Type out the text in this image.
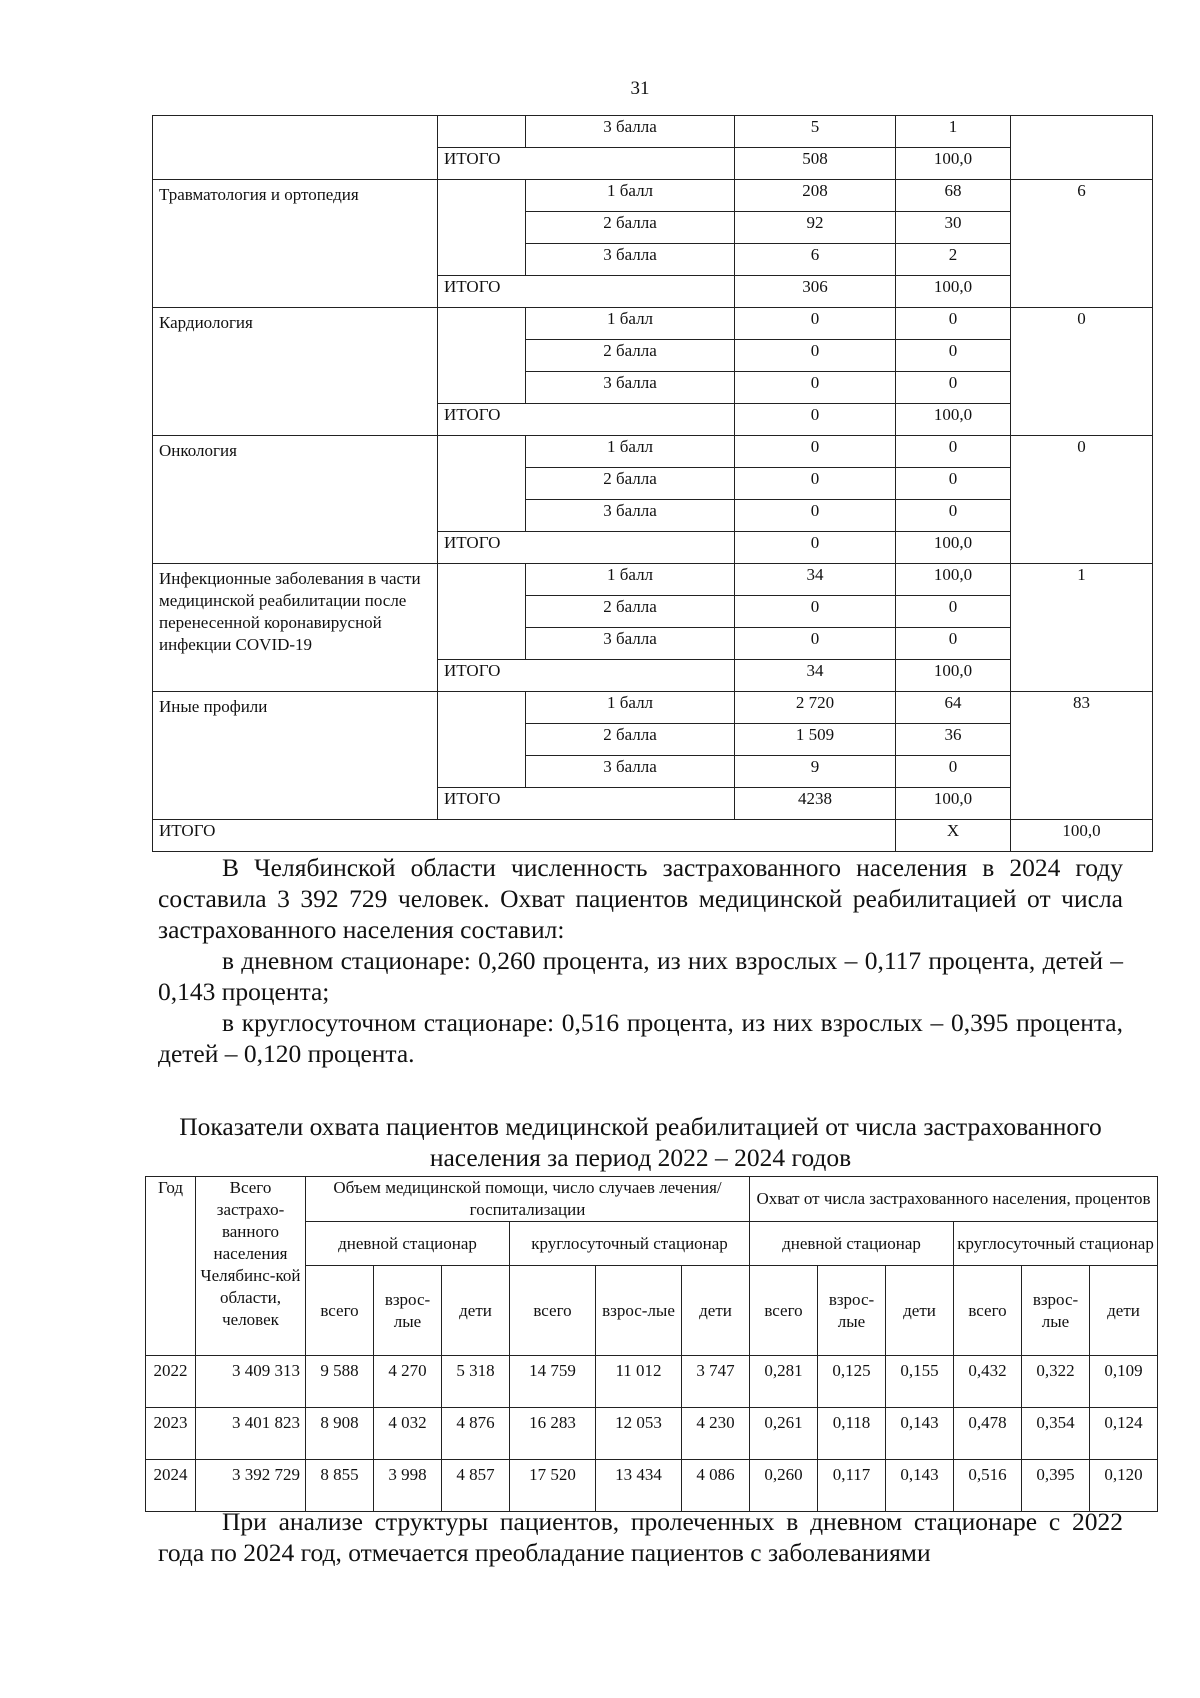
31
		3 балла	5	1	
	ИТОГО		508	100,0	
Травматология и ортопедия		1 балл	208	68	6
		2 балла	92	30	
		3 балла	6	2	
	ИТОГО		306	100,0	
Кардиология		1 балл	0	0	0
		2 балла	0	0	
		3 балла	0	0	
	ИТОГО		0	100,0	
Онкология		1 балл	0	0	0
		2 балла	0	0	
		3 балла	0	0	
	ИТОГО		0	100,0	
Инфекционные заболевания в части медицинской реабилитации после перенесенной коронавирусной инфекции COVID-19		1 балл	34	100,0	1
		2 балла	0	0	
		3 балла	0	0	
	ИТОГО		34	100,0	
Иные профили		1 балл	2 720	64	83
		2 балла	1 509	36	
		3 балла	9	0	
	ИТОГО		4238	100,0	
ИТОГО				Х	100,0
В Челябинской области численность застрахованного населения в 2024 году составила 3 392 729 человек. Охват пациентов медицинской реабилитацией от числа застрахованного населения составил:
в дневном стационаре: 0,260 процента, из них взрослых – 0,117 процента, детей – 0,143 процента;
в круглосуточном стационаре: 0,516 процента, из них взрослых – 0,395 процента, детей – 0,120 процента.
Показатели охвата пациентов медицинской реабилитацией от числа застрахованного населения за период 2022 – 2024 годов
Год	Всего застрахо-ванного населения Челябинс-кой области, человек	Объем медицинской помощи, число случаев лечения/госпитализации						Охват от числа застрахованного населения, процентов					
		дневной стационар			круглосуточный стационар			дневной стационар			круглосуточный стационар		
		всего	взрос-лые	дети	всего	взрос-лые	дети	всего	взрос-лые	дети	всего	взрос-лые	дети
2022	3 409 313	9 588	4 270	5 318	14 759	11 012	3 747	0,281	0,125	0,155	0,432	0,322	0,109
2023	3 401 823	8 908	4 032	4 876	16 283	12 053	4 230	0,261	0,118	0,143	0,478	0,354	0,124
2024	3 392 729	8 855	3 998	4 857	17 520	13 434	4 086	0,260	0,117	0,143	0,516	0,395	0,120
При анализе структуры пациентов, пролеченных в дневном стационаре с 2022 года по 2024 год, отмечается преобладание пациентов с заболеваниями
